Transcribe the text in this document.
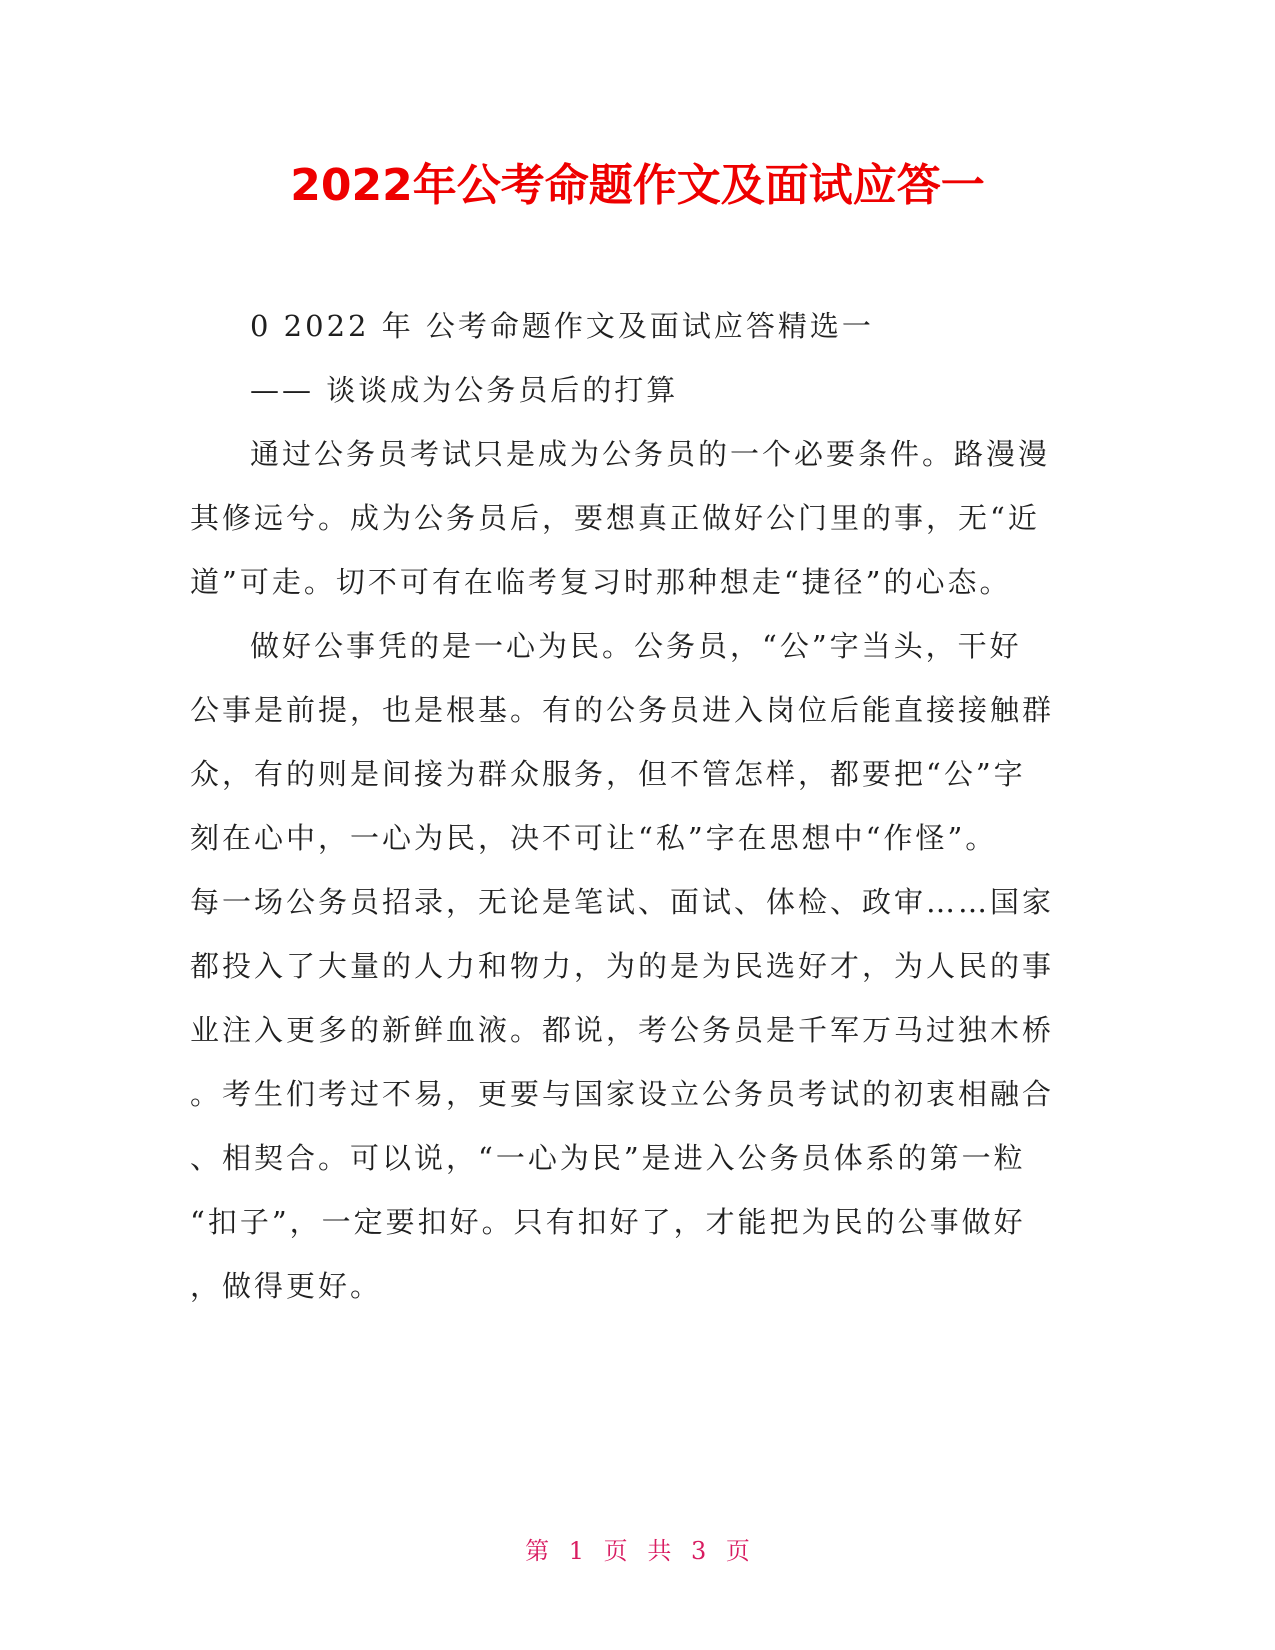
2022年公考命题作文及面试应答一
0 2022 年 公考命题作文及面试应答精选一
—— 谈谈成为公务员后的打算
通过公务员考试只是成为公务员的一个必要条件。路漫漫
其修远兮。成为公务员后，要想真正做好公门里的事，无“近
道”可走。切不可有在临考复习时那种想走“捷径”的心态。
做好公事凭的是一心为民。公务员，“公”字当头，干好
公事是前提，也是根基。有的公务员进入岗位后能直接接触群
众，有的则是间接为群众服务，但不管怎样，都要把“公”字
刻在心中，一心为民，决不可让“私”字在思想中“作怪”。
每一场公务员招录，无论是笔试、面试、体检、政审……国家
都投入了大量的人力和物力，为的是为民选好才，为人民的事
业注入更多的新鲜血液。都说，考公务员是千军万马过独木桥
。考生们考过不易，更要与国家设立公务员考试的初衷相融合
、相契合。可以说，“一心为民”是进入公务员体系的第一粒
“扣子”，一定要扣好。只有扣好了，才能把为民的公事做好
，做得更好。
第 1 页 共 3 页
